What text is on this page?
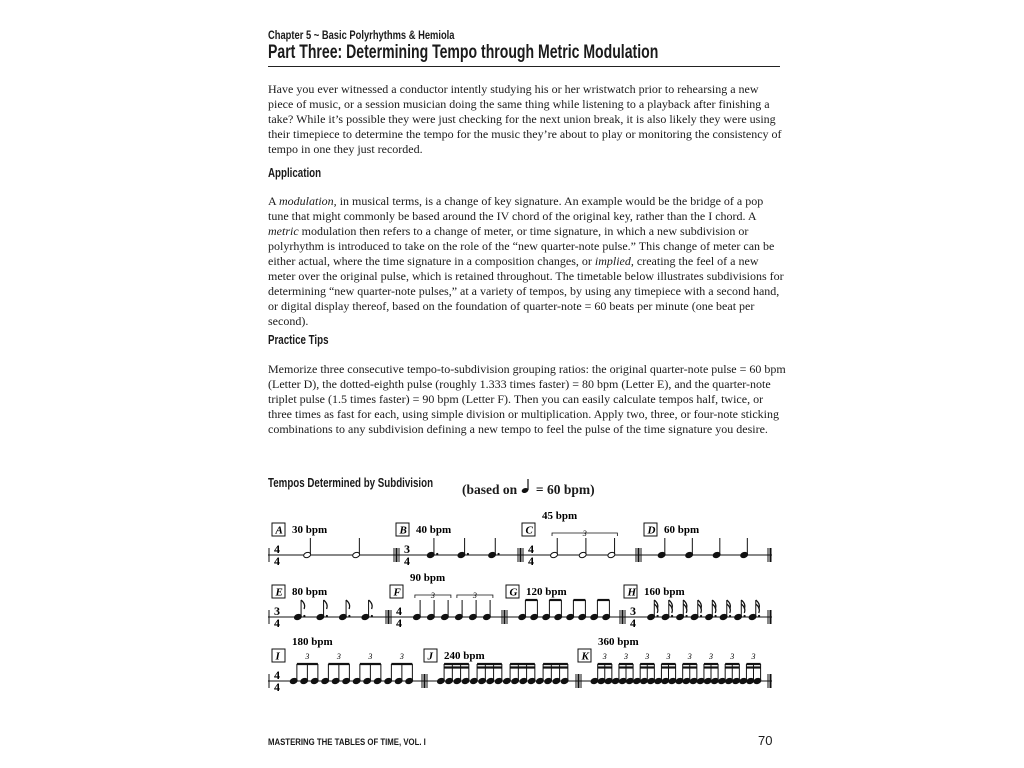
Chapter 5 ~ Basic Polyrhythms & Hemiola
Part Three: Determining Tempo through Metric Modulation

Have you ever witnessed a conductor intently studying his or her wristwatch prior to rehearsing a new piece of music, or a session musician doing the same thing while listening to a playback after finishing a take? While it’s possible they were just checking for the next union break, it is also likely they were using their timepiece to determine the tempo for the music they’re about to play or monitoring the consistency of tempo in one they just recorded.

Application

A modulation, in musical terms, is a change of key signature. An example would be the bridge of a pop tune that might commonly be based around the IV chord of the original key, rather than the I chord. A metric modulation then refers to a change of meter, or time signature, in which a new subdivision or polyrhythm is introduced to take on the role of the “new quarter-note pulse.” This change of meter can be either actual, where the time signature in a composition changes, or implied, creating the feel of a new meter over the original pulse, which is retained throughout. The timetable below illustrates subdivisions for determining “new quarter-note pulses,” at a variety of tempos, by using any timepiece with a second hand, or digital display thereof, based on the foundation of quarter-note = 60 beats per minute (one beat per second).

Practice Tips

Memorize three consecutive tempo-to-subdivision grouping ratios: the original quarter-note pulse = 60 bpm (Letter D), the dotted-eighth pulse (roughly 1.333 times faster) = 80 bpm (Letter E), and the quarter-note triplet pulse (1.5 times faster) = 90 bpm (Letter F). Then you can easily calculate tempos half, twice, or three times as fast for each, using simple division or multiplication. Apply two, three, or four-note sticking combinations to any subdivision defining a new tempo to feel the pulse of the time signature you desire.

Tempos Determined by Subdivision (based on = 60 bpm)
A 30 bpm
4
4
B 40 bpm
3
4
C
45 bpm
4
4
3	D 60 bpm
E 80 bpm
3
4
F
90 bpm
4
4
3	3	G 120 bpm	H 160 bpm
3
4
I
180 bpm
4
4
3	3	3	3 J 240 bpm	K
360 bpm
3 3 3 3 3 3 3 3
MASTERING THE TABLES OF TIME, VOL. I	70
